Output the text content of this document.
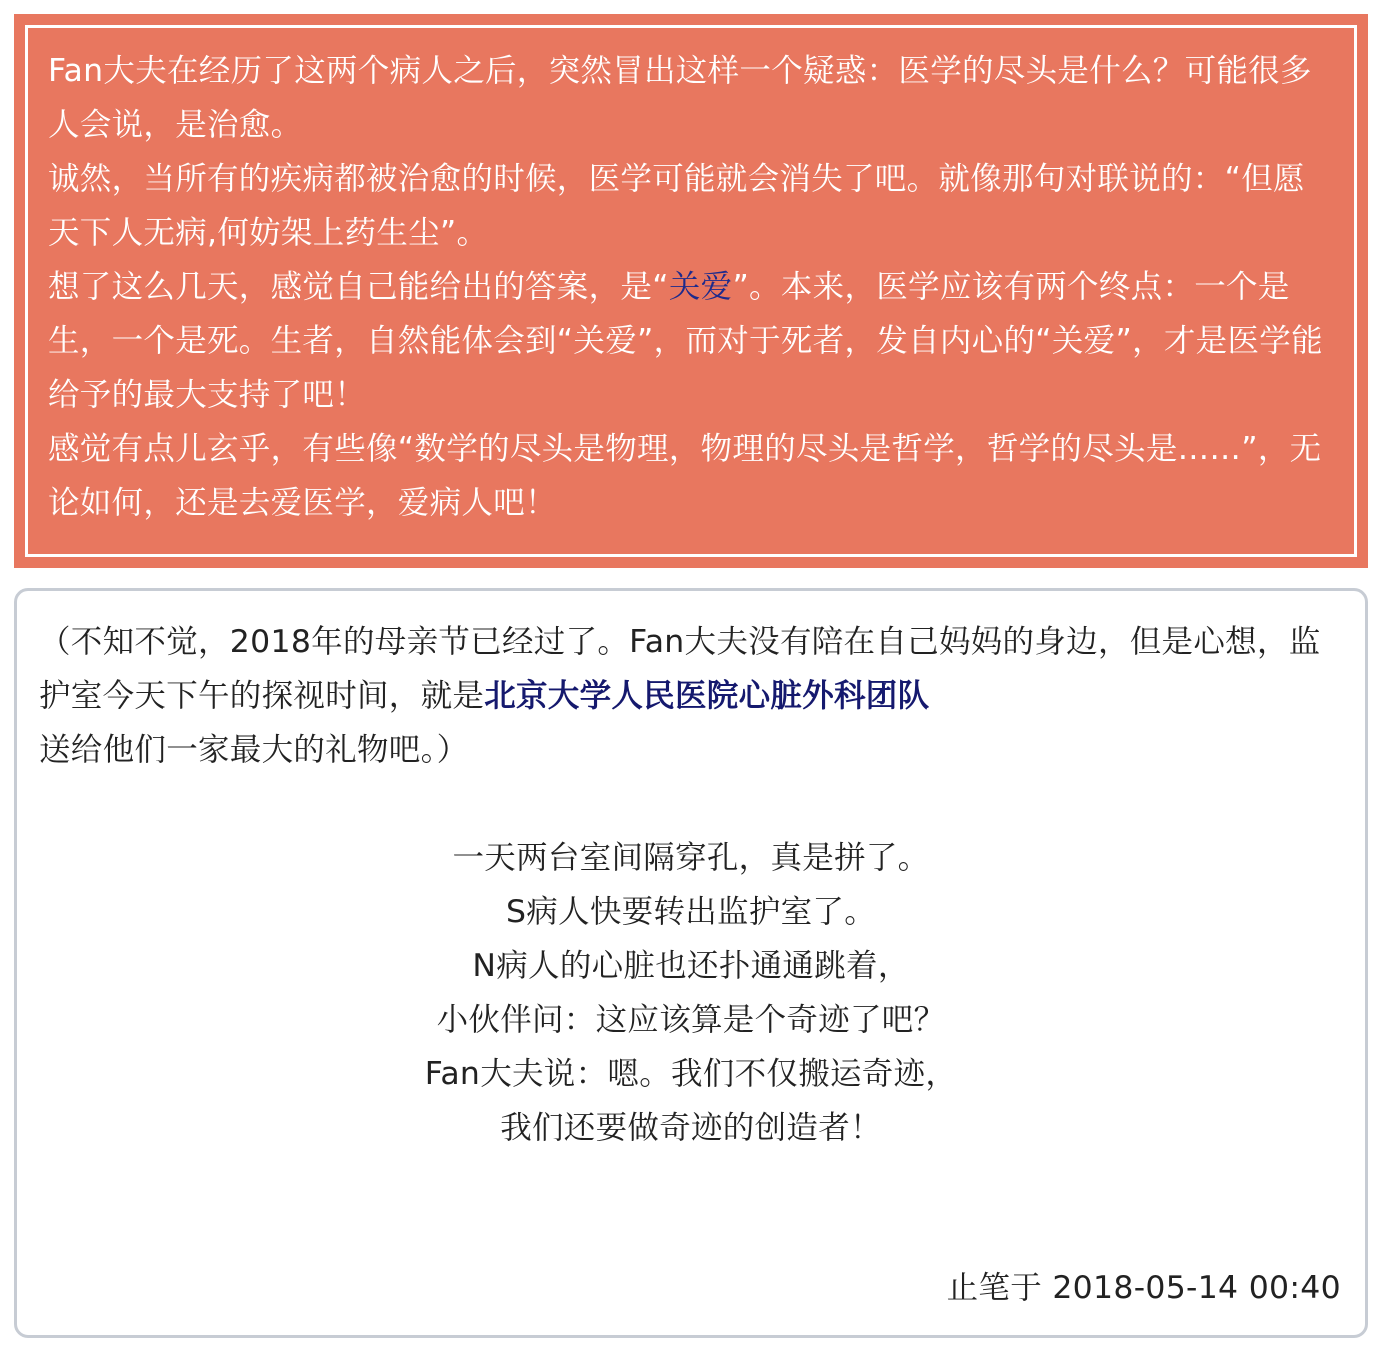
Fan大夫在经历了这两个病人之后，突然冒出这样一个疑惑：医学的尽头是什么？可能很多人会说，是治愈。

诚然，当所有的疾病都被治愈的时候，医学可能就会消失了吧。就像那句对联说的：“但愿天下人无病,何妨架上药生尘”。

想了这么几天，感觉自己能给出的答案，是“关爱”。本来，医学应该有两个终点：一个是生，一个是死。生者，自然能体会到“关爱”，而对于死者，发自内心的“关爱”，才是医学能给予的最大支持了吧！

感觉有点儿玄乎，有些像“数学的尽头是物理，物理的尽头是哲学，哲学的尽头是……”，无论如何，还是去爱医学，爱病人吧！

（不知不觉，2018年的母亲节已经过了。Fan大夫没有陪在自己妈妈的身边，但是心想，监护室今天下午的探视时间，就是北京大学人民医院心脏外科团队送给他们一家最大的礼物吧。）

一天两台室间隔穿孔，真是拼了。
S病人快要转出监护室了。
N病人的心脏也还扑通通跳着，
小伙伴问：这应该算是个奇迹了吧？
Fan大夫说：嗯。我们不仅搬运奇迹，
我们还要做奇迹的创造者！

止笔于 2018-05-14 00:40
